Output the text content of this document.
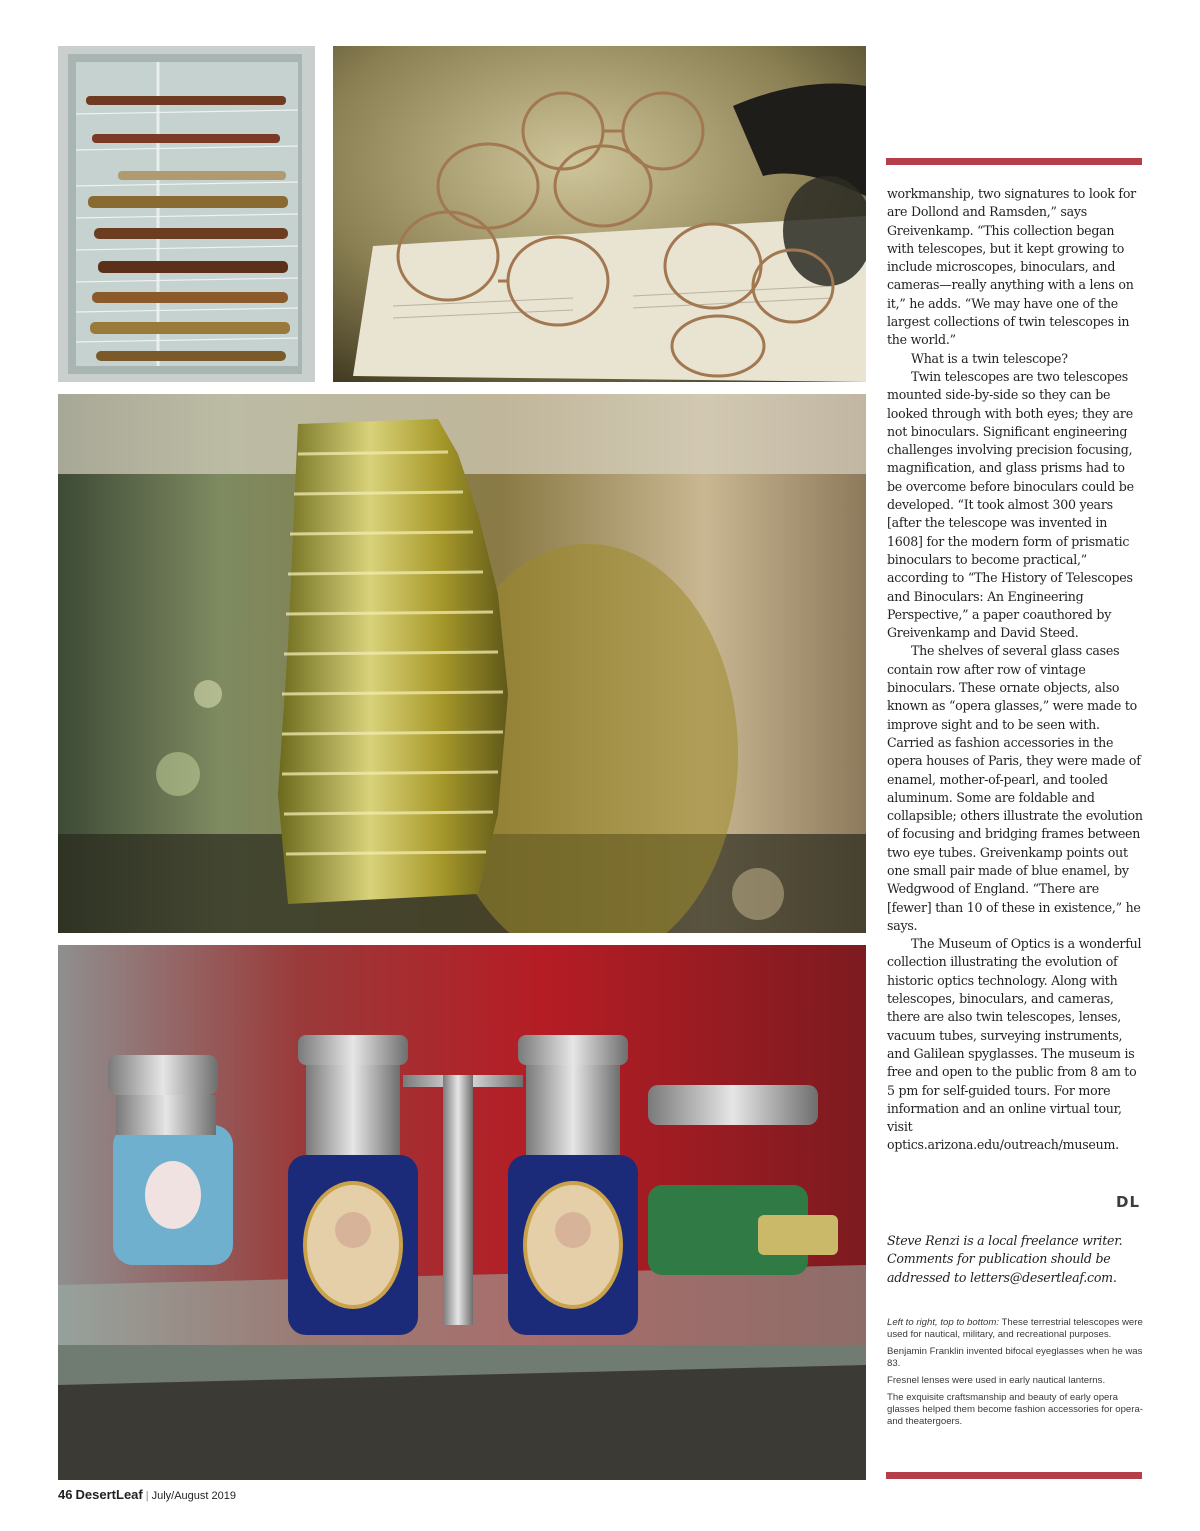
workmanship, two signatures to look for are Dollond and Ramsden,” says Greivenkamp. “This collection began with telescopes, but it kept growing to include microscopes, binoculars, and cameras—really anything with a lens on it,” he adds. “We may have one of the largest collections of twin telescopes in the world.”

What is a twin telescope?

Twin telescopes are two telescopes mounted side-by-side so they can be looked through with both eyes; they are not binoculars. Significant engineering challenges involving precision focusing, magnification, and glass prisms had to be overcome before binoculars could be developed. “It took almost 300 years [after the telescope was invented in 1608] for the modern form of prismatic binoculars to become practical,” according to “The History of Telescopes and Binoculars: An Engineering Perspective,” a paper coauthored by Greivenkamp and David Steed.

The shelves of several glass cases contain row after row of vintage binoculars. These ornate objects, also known as “opera glasses,” were made to improve sight and to be seen with. Carried as fashion accessories in the opera houses of Paris, they were made of enamel, mother-of-pearl, and tooled aluminum. Some are foldable and collapsible; others illustrate the evolution of focusing and bridging frames between two eye tubes. Greivenkamp points out one small pair made of blue enamel, by Wedgwood of England. “There are [fewer] than 10 of these in existence,” he says.

The Museum of Optics is a wonderful collection illustrating the evolution of historic optics technology. Along with telescopes, binoculars, and cameras, there are also twin telescopes, lenses, vacuum tubes, surveying instruments, and Galilean spyglasses. The museum is free and open to the public from 8 am to 5 pm for self-guided tours. For more information and an online virtual tour, visit optics.arizona.edu/outreach/museum.

DL
Steve Renzi is a local freelance writer. Comments for publication should be addressed to letters@desertleaf.com.

Left to right, top to bottom: These terrestrial telescopes were used for nautical, military, and recreational purposes.

Benjamin Franklin invented bifocal eyeglasses when he was 83.

Fresnel lenses were used in early nautical lanterns.

The exquisite craftsmanship and beauty of early opera glasses helped them become fashion accessories for opera- and theatergoers.

46 DesertLeaf | July/August 2019
